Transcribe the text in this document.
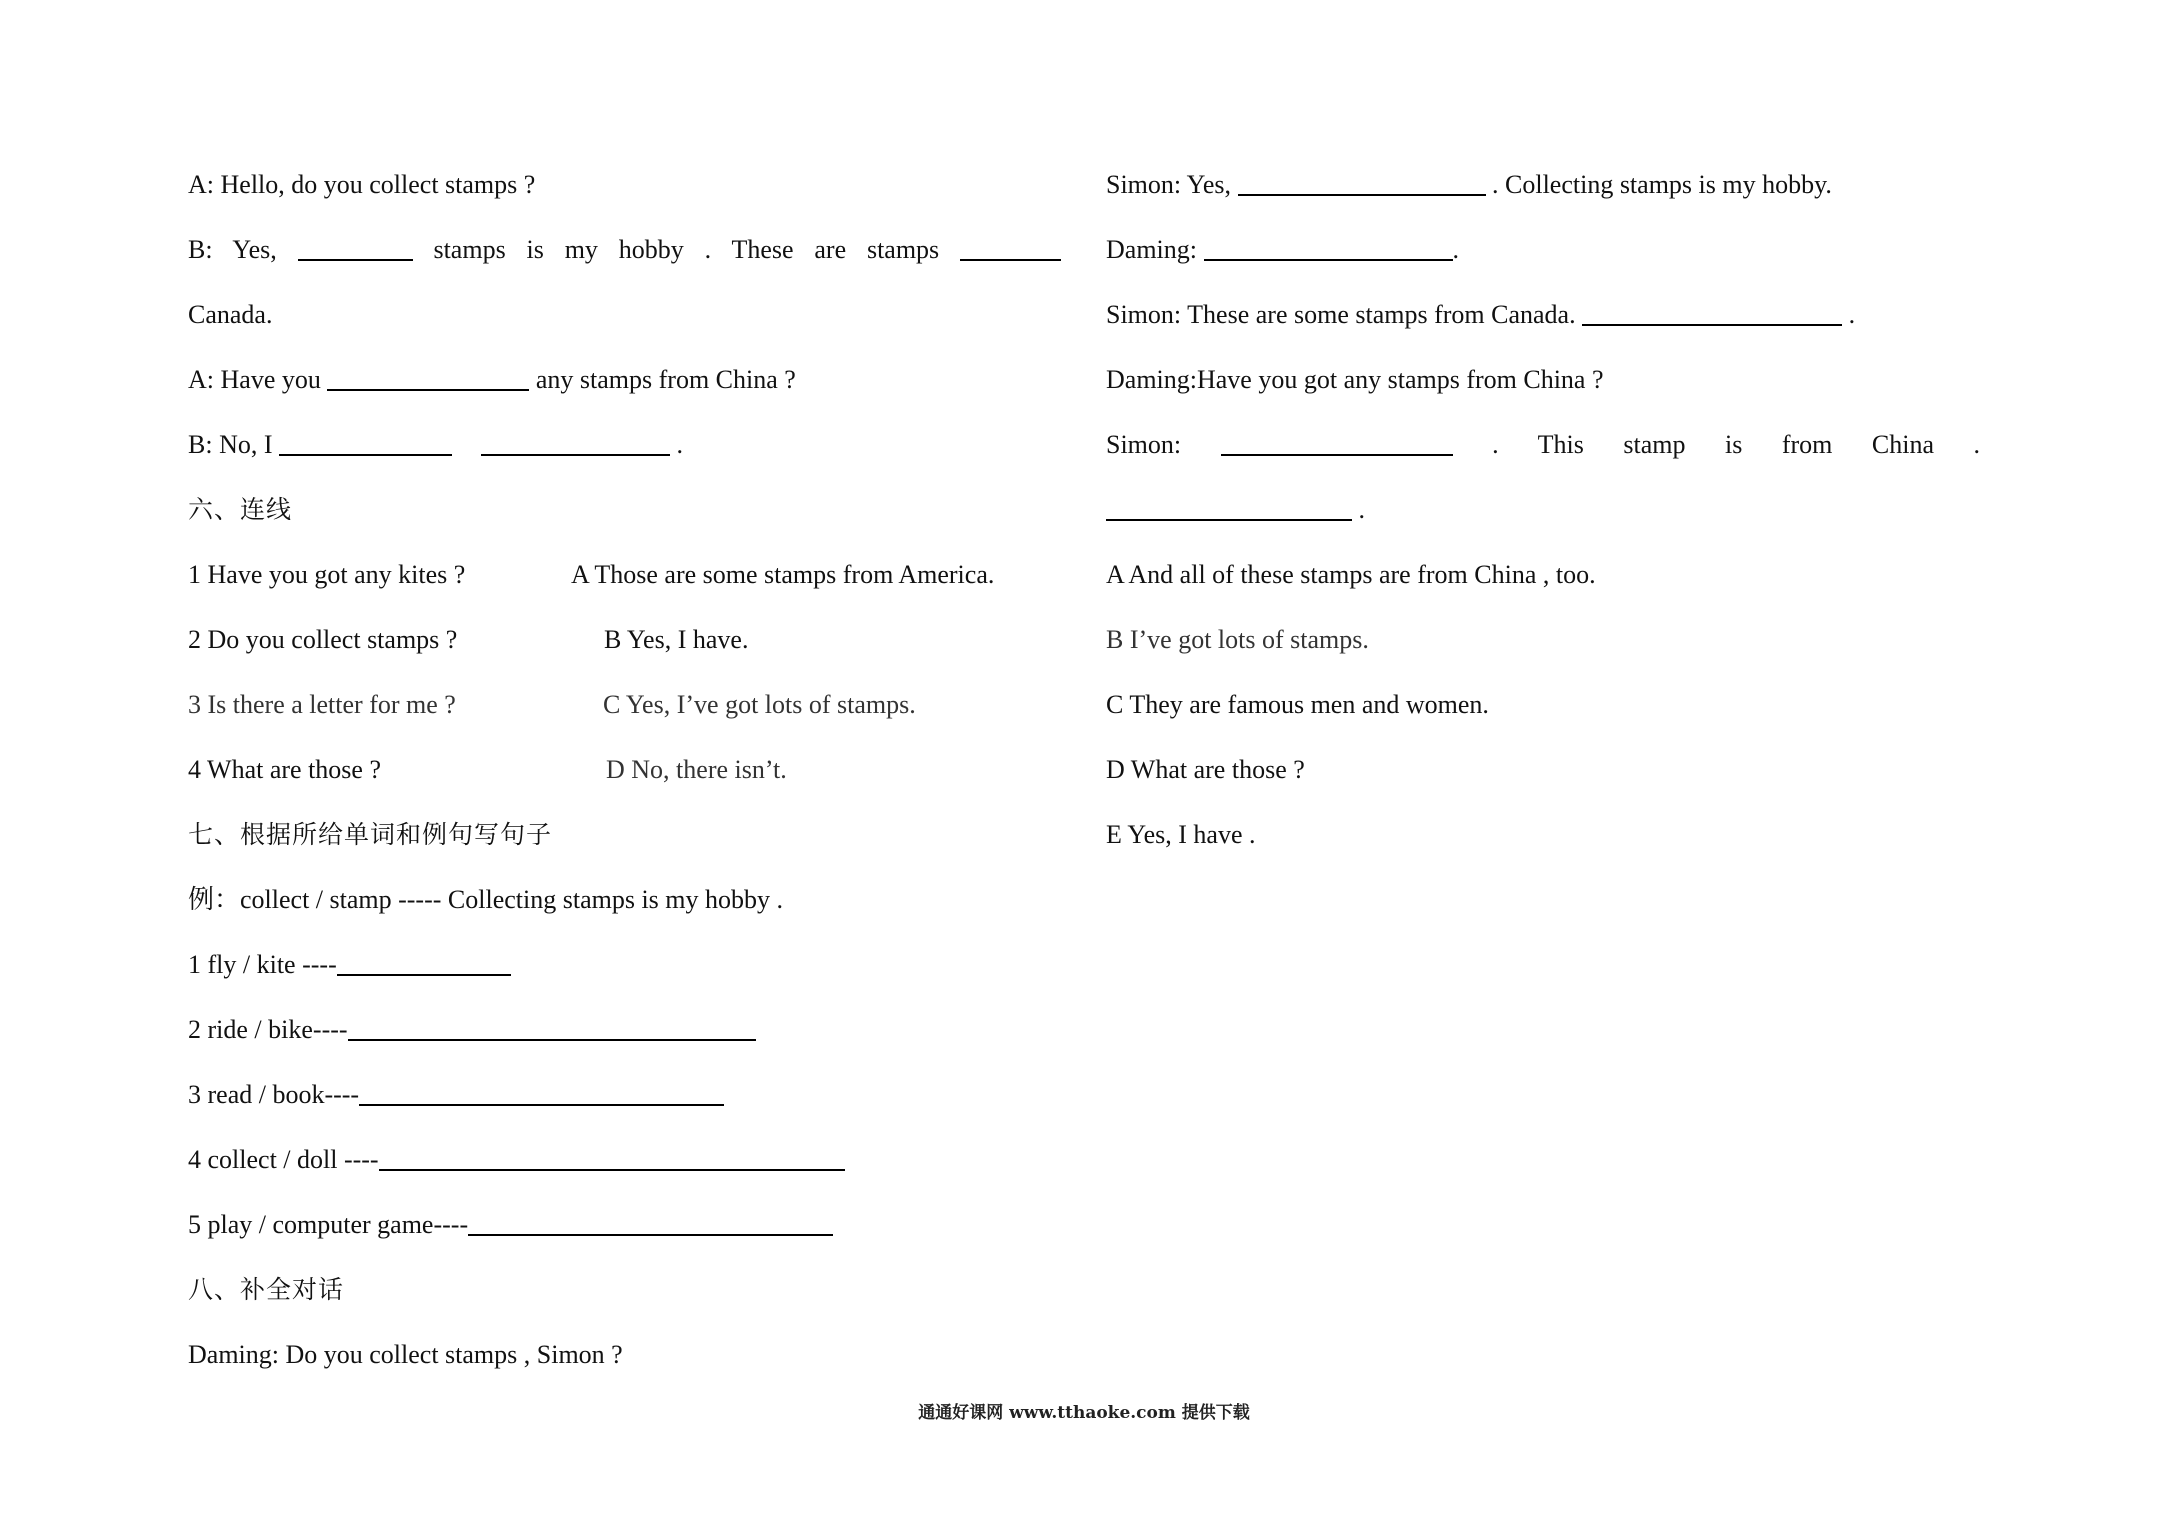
A: Hello, do you collect stamps ?
B: Yes,	stamps is my hobby . These are stamps
Canada.
A: Have you	any stamps from China ?
B: No, I	.
六、连线
1 Have you got any kites ?	A Those are some stamps from America.
2 Do you collect stamps ?	B Yes, I have.
3 Is there a letter for me ?	C Yes, I’ve got lots of stamps.
4 What are those ?	D No, there isn’t.
七、根据所给单词和例句写句子
例：collect / stamp ----- Collecting stamps is my hobby .
1 fly / kite ----
2 ride / bike----
3 read / book----
4 collect / doll ----
5 play / computer game----
八、补全对话
Daming: Do you collect stamps , Simon ?
Simon: Yes,	. Collecting stamps is my hobby.
Daming:	.
Simon: These are some stamps from Canada.	.
Daming:Have you got any stamps from China ?
Simon:	. This stamp is from China .
.
A And all of these stamps are from China , too.
B I’ve got lots of stamps.
C They are famous men and women.
D What are those ?
E Yes, I have .
通通好课网 www.tthaoke.com 提供下载
